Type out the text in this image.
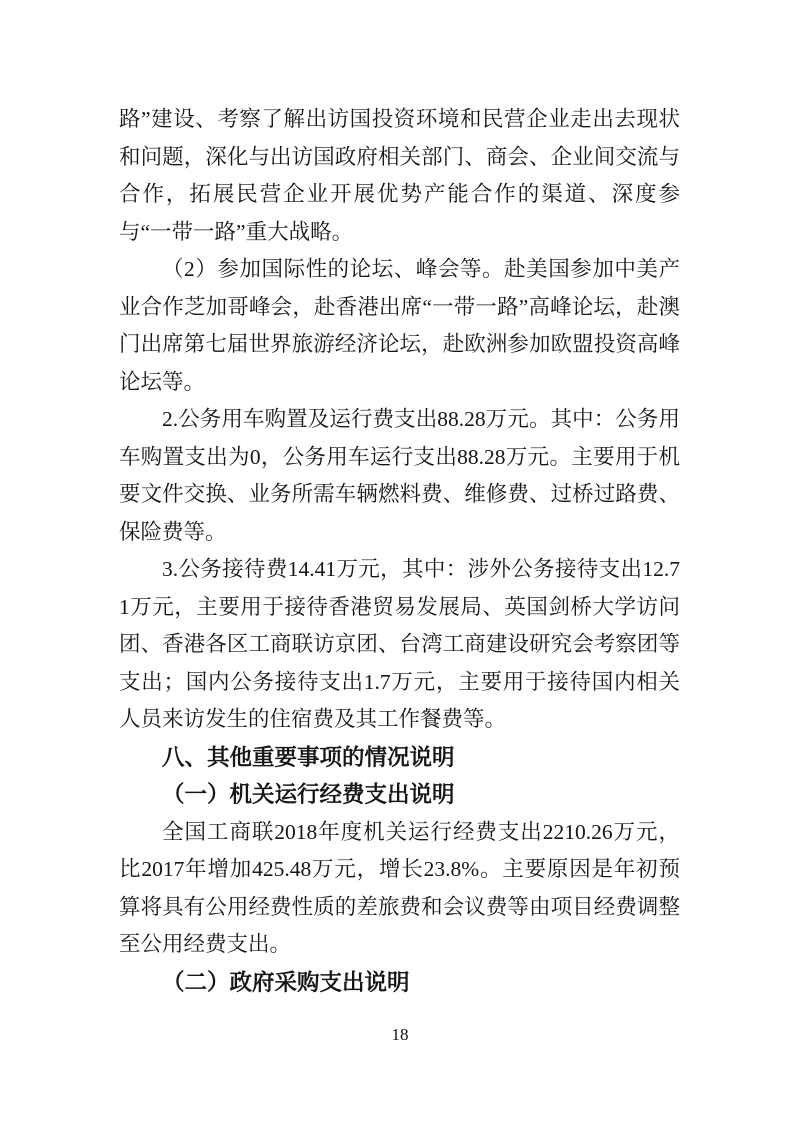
路”建设、考察了解出访国投资环境和民营企业走出去现状和问题，深化与出访国政府相关部门、商会、企业间交流与合作，拓展民营企业开展优势产能合作的渠道、深度参与“一带一路”重大战略。

（2）参加国际性的论坛、峰会等。赴美国参加中美产业合作芝加哥峰会，赴香港出席“一带一路”高峰论坛，赴澳门出席第七届世界旅游经济论坛，赴欧洲参加欧盟投资高峰论坛等。

2.公务用车购置及运行费支出88.28万元。其中：公务用车购置支出为0，公务用车运行支出88.28万元。主要用于机要文件交换、业务所需车辆燃料费、维修费、过桥过路费、保险费等。

3.公务接待费14.41万元，其中：涉外公务接待支出12.71万元，主要用于接待香港贸易发展局、英国剑桥大学访问团、香港各区工商联访京团、台湾工商建设研究会考察团等支出；国内公务接待支出1.7万元，主要用于接待国内相关人员来访发生的住宿费及其工作餐费等。

八、其他重要事项的情况说明
（一）机关运行经费支出说明

全国工商联2018年度机关运行经费支出2210.26万元，比2017年增加425.48万元，增长23.8%。主要原因是年初预算将具有公用经费性质的差旅费和会议费等由项目经费调整至公用经费支出。

（二）政府采购支出说明
18
